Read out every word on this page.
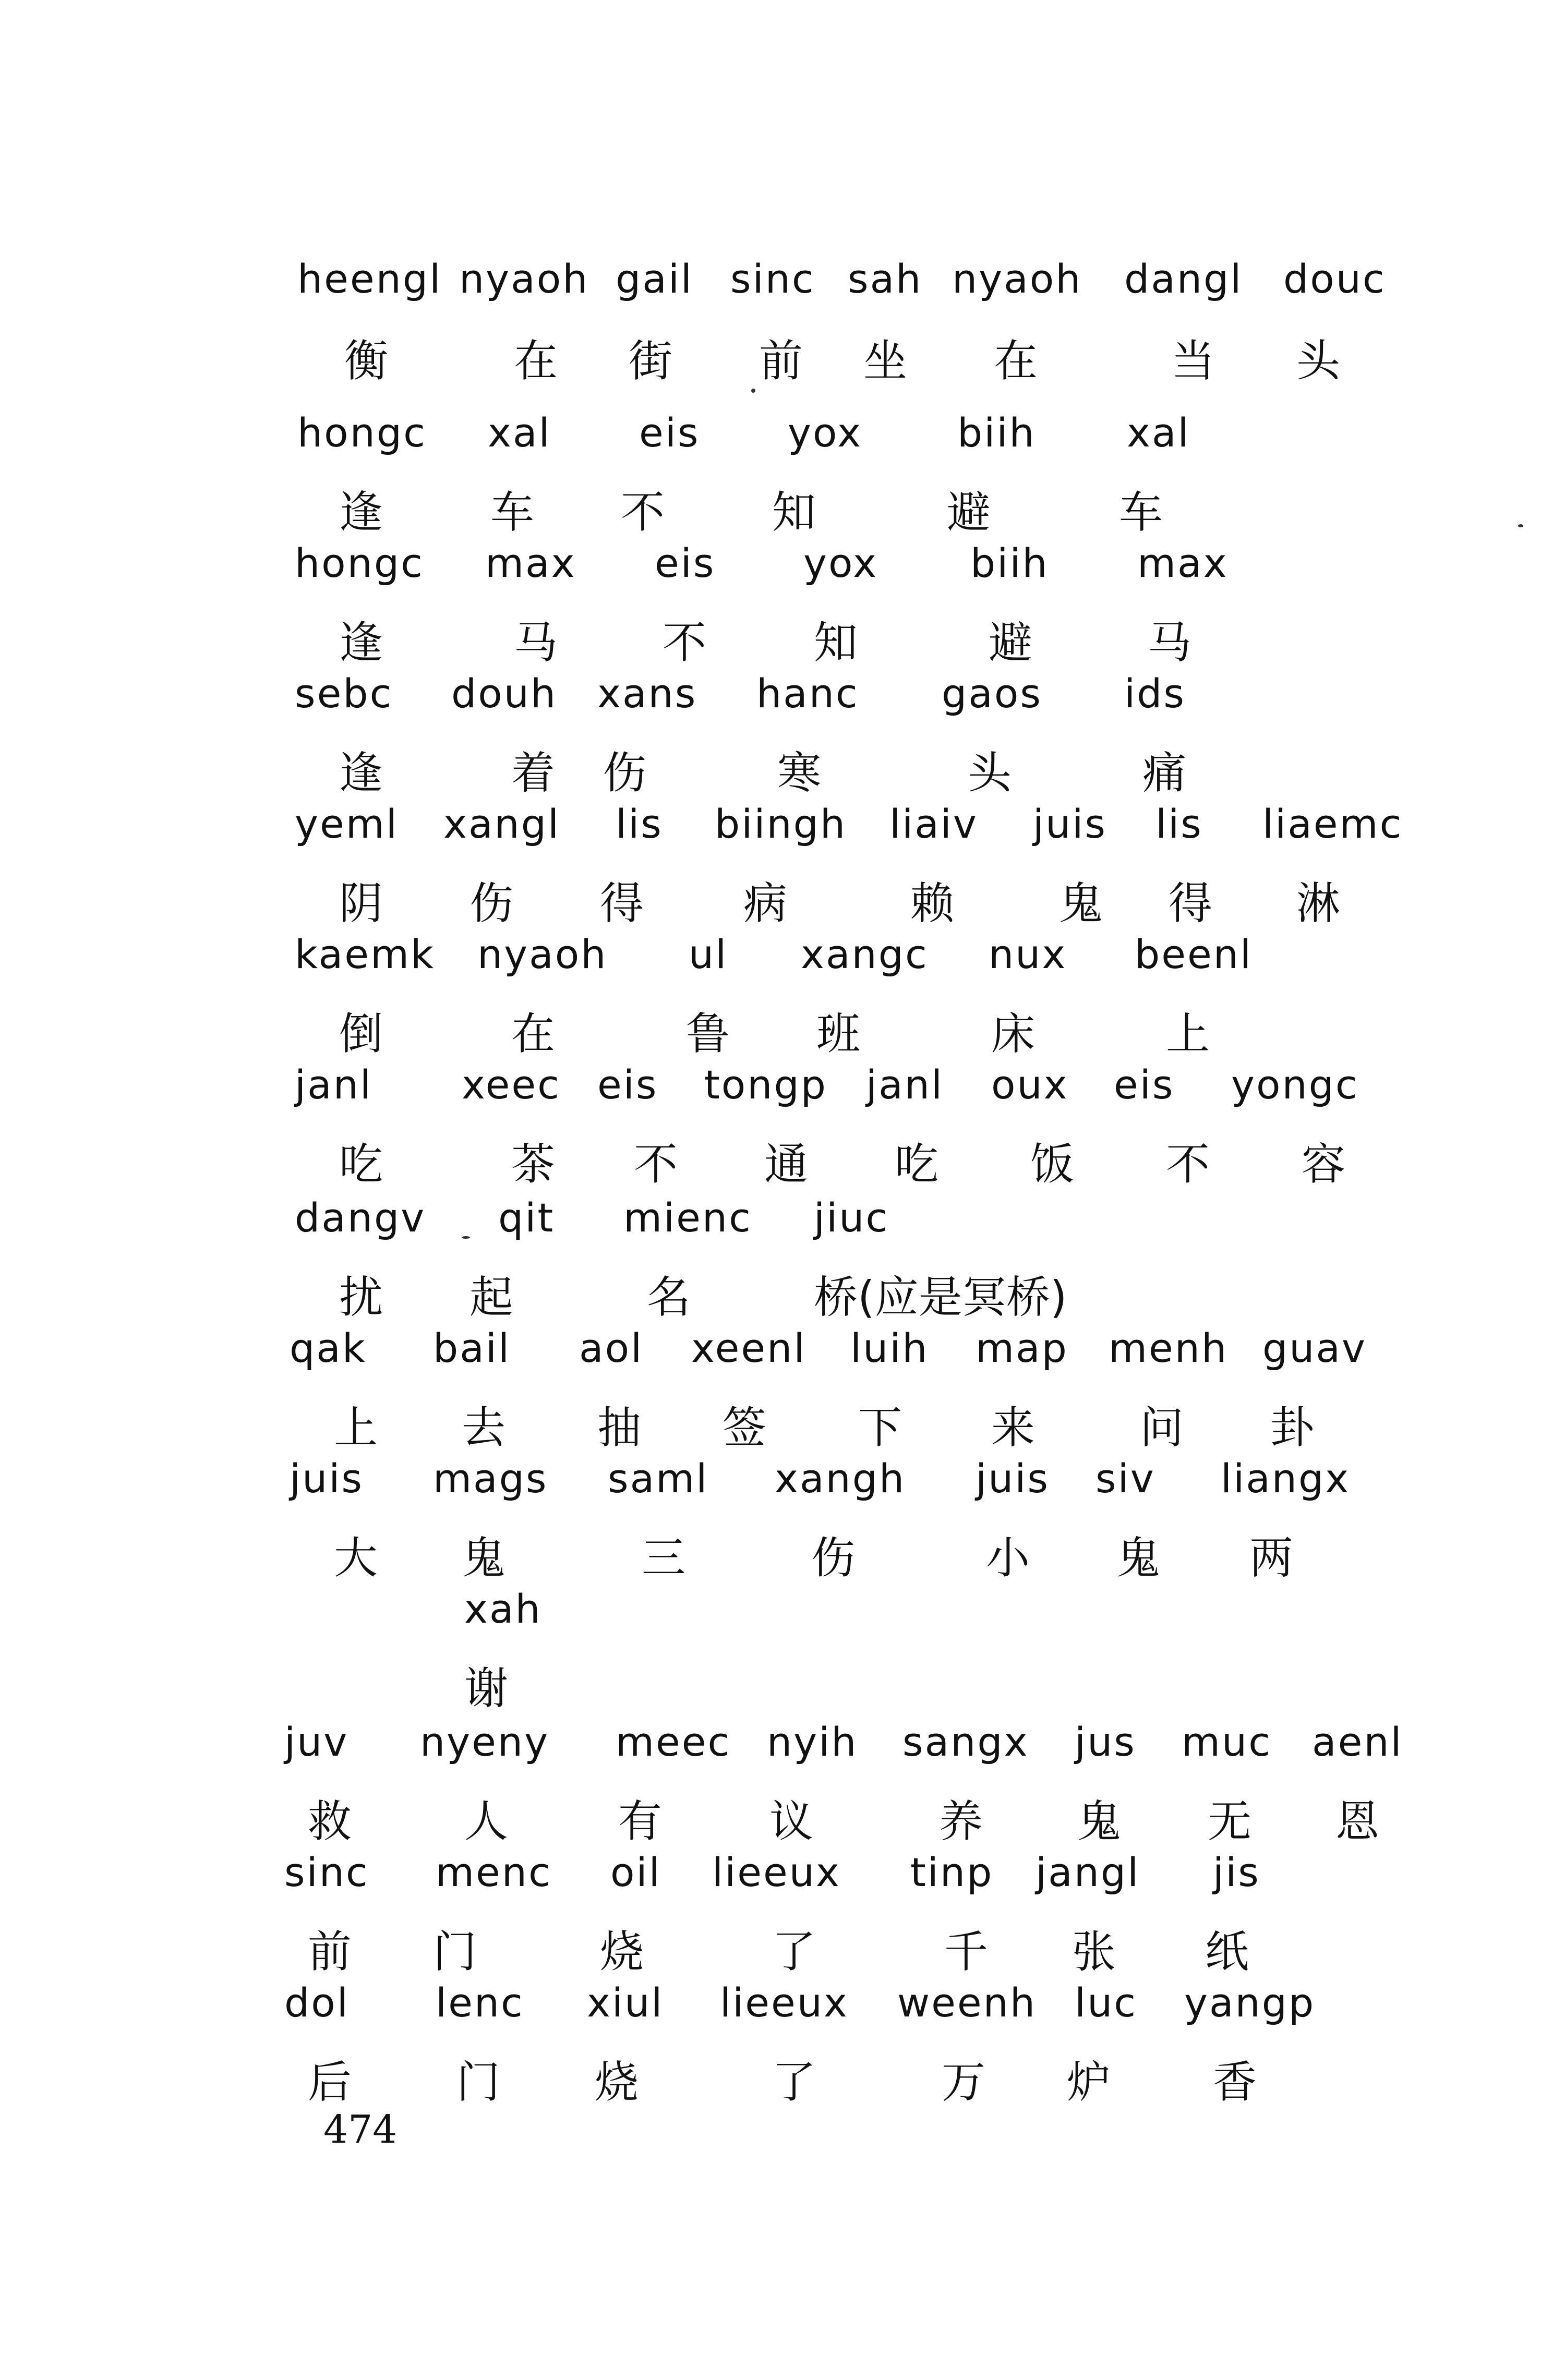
heengl nyaoh gail sinc sah nyaoh dangl douc
衡	在 街 前 坐 在	当 头
hongc xal eis yox biih xal
逢 车 不 知	避	车
hongc max eis yox biih max
逢	马 不 知	避	马
sebc douh xans hanc gaos ids
逢	着 伤	寒	头	痛
yeml xangl lis biingh liaiv juis lis liaemc
阴 伤 得 病	赖 鬼 得 淋
kaemk nyaoh ul xangc nux beenl
倒	在	鲁 班	床	上
janl xeec eis tongp janl oux eis yongc
吃	茶 不 通 吃 饭 不 容
dangv qit mienc jiuc
扰 起	名	桥(应是冥桥)
qak bail aol xeenl luih map menh guav
上 去 抽 签 下 来 问 卦
juis mags saml xangh juis siv liangx
大 鬼	三	伤	小 鬼 两
xah
谢
juv nyeny meec nyih sangx jus muc aenl
救	人	有 议	养 鬼 无 恩
sinc menc oil lieeux tinp jangl jis
前 门	烧	了	千 张 纸
dol lenc xiul lieeux weenh luc yangp
后 门 烧	了	万 炉 香
474
